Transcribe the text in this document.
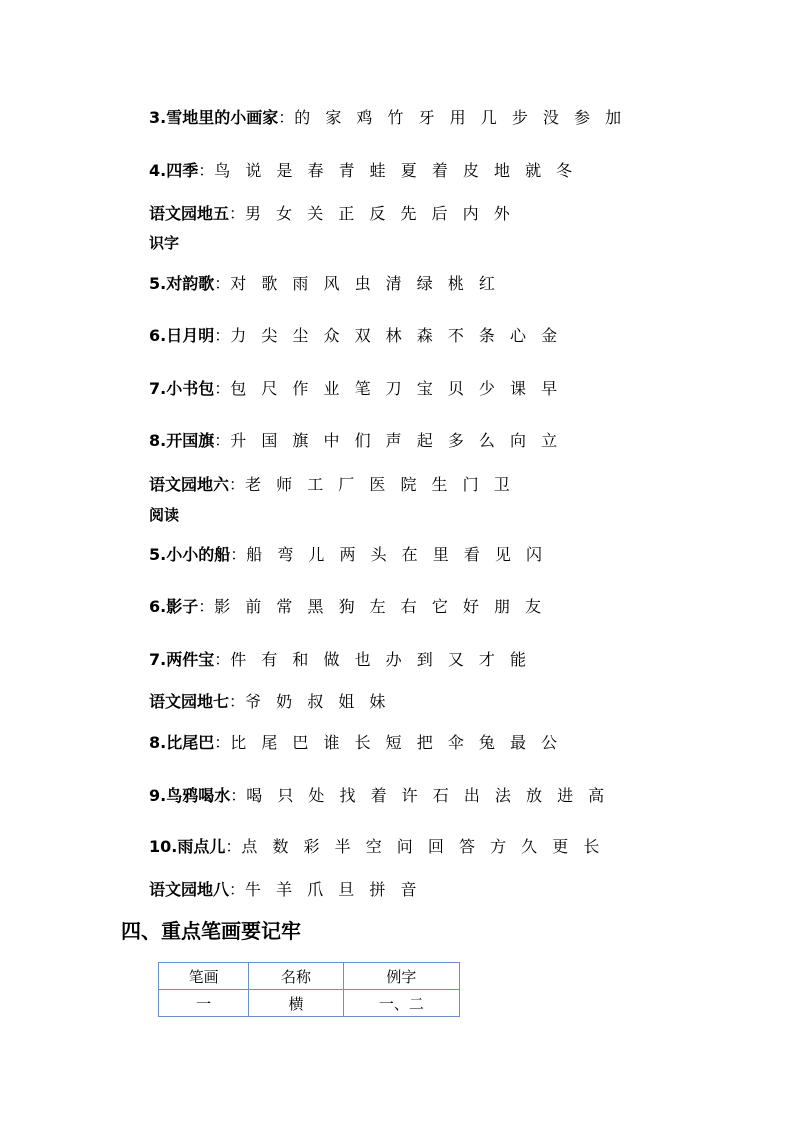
3.雪地里的小画家：的 家 鸡 竹 牙 用 几 步 没 参 加
4.四季：鸟 说 是 春 青 蛙 夏 着 皮 地 就 冬
语文园地五：男 女 关 正 反 先 后 内 外
识字
5.对韵歌：对 歌 雨 风 虫 清 绿 桃 红
6.日月明：力 尖 尘 众 双 林 森 不 条 心 金
7.小书包：包 尺 作 业 笔 刀 宝 贝 少 课 早
8.开国旗：升 国 旗 中 们 声 起 多 么 向 立
语文园地六：老 师 工 厂 医 院 生 门 卫
阅读
5.小小的船：船 弯 儿 两 头 在 里 看 见 闪
6.影子：影 前 常 黑 狗 左 右 它 好 朋 友
7.两件宝：件 有 和 做 也 办 到 又 才 能
语文园地七：爷 奶 叔 姐 妹
8.比尾巴：比 尾 巴 谁 长 短 把 伞 兔 最 公
9.鸟鸦喝水：喝 只 处 找 着 许 石 出 法 放 进 高
10.雨点儿：点 数 彩 半 空 问 回 答 方 久 更 长
语文园地八：牛 羊 爪 旦 拼 音
四、重点笔画要记牢
笔画	名称	例字
一	横	一、二
